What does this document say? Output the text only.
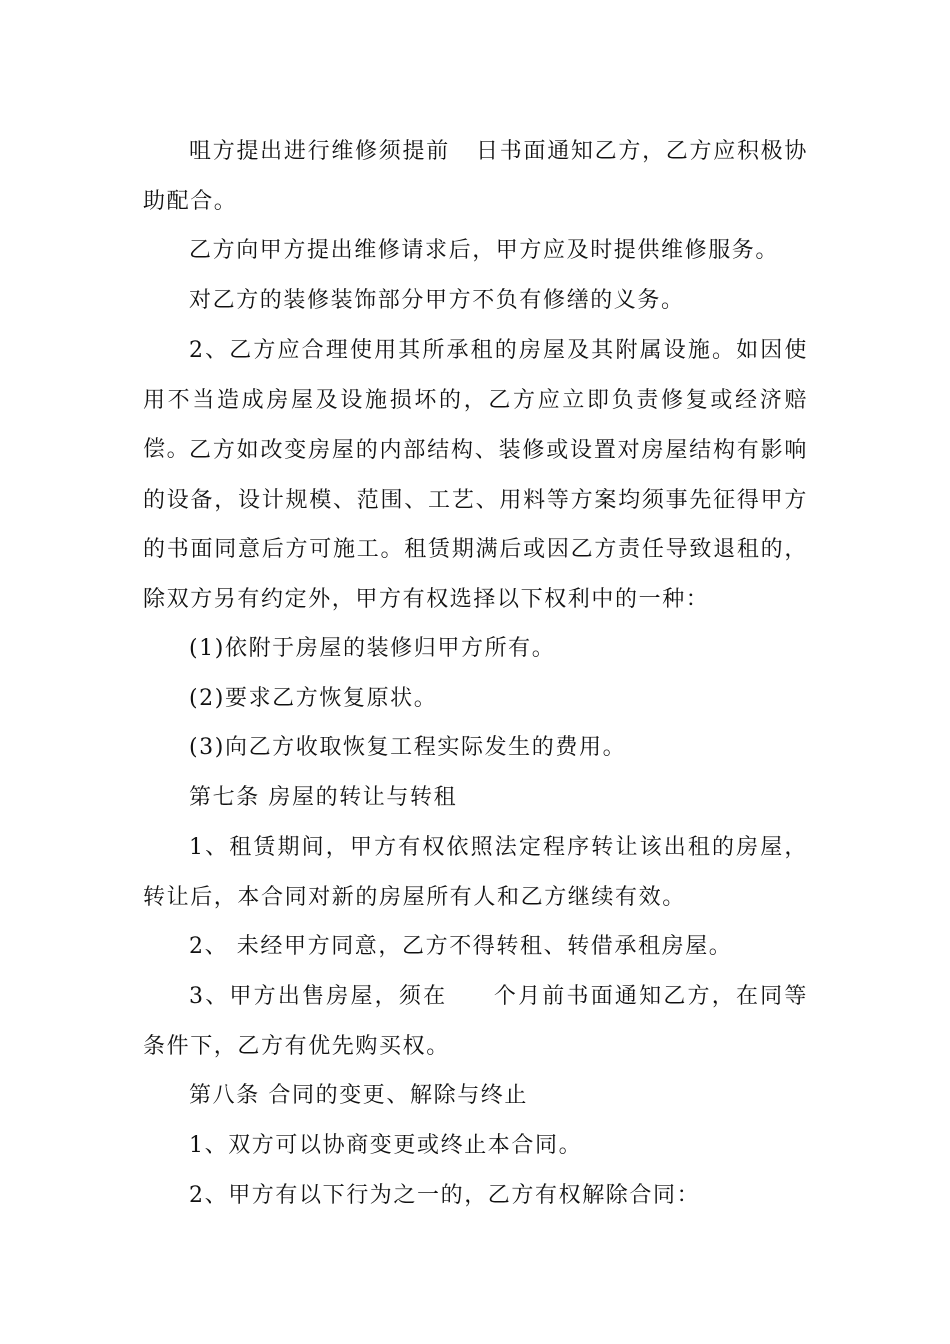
咀方提出进行维修须提前 日书面通知乙方，乙方应积极协助配合。

乙方向甲方提出维修请求后，甲方应及时提供维修服务。

对乙方的装修装饰部分甲方不负有修缮的义务。

2、乙方应合理使用其所承租的房屋及其附属设施。如因使用不当造成房屋及设施损坏的，乙方应立即负责修复或经济赔偿。

乙方如改变房屋的内部结构、装修或设置对房屋结构有影响的设备，设计规模、范围、工艺、用料等方案均须事先征得甲方的书面同意后方可施工。租赁期满后或因乙方责任导致退租的，除双方另有约定外，甲方有权选择以下权利中的一种：

(1)依附于房屋的装修归甲方所有。

(2)要求乙方恢复原状。

(3)向乙方收取恢复工程实际发生的费用。

第七条 房屋的转让与转租

1、租赁期间，甲方有权依照法定程序转让该出租的房屋，转让后，本合同对新的房屋所有人和乙方继续有效。

2、 未经甲方同意，乙方不得转租、转借承租房屋。

3、甲方出售房屋，须在 个月前书面通知乙方，在同等条件下，乙方有优先购买权。

第八条 合同的变更、解除与终止

1、双方可以协商变更或终止本合同。

2、甲方有以下行为之一的，乙方有权解除合同：
